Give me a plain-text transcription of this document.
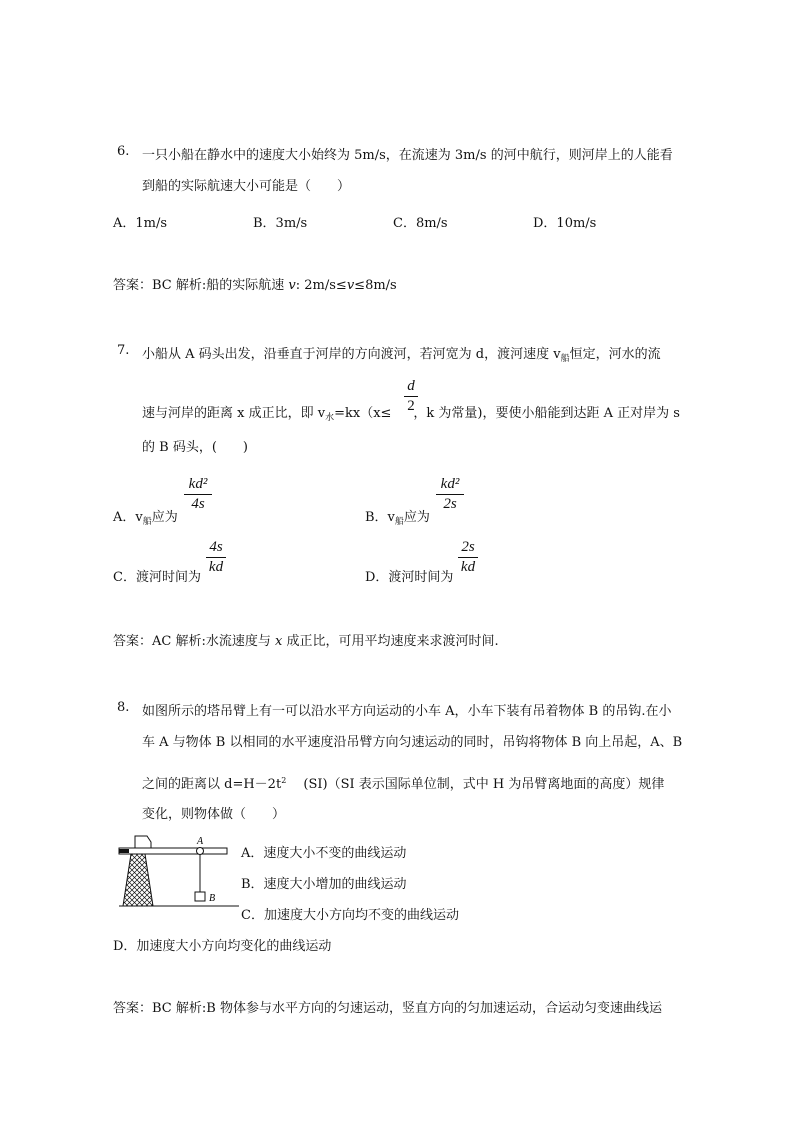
6. 一只小船在静水中的速度大小始终为 5m/s，在流速为 3m/s 的河中航行，则河岸上的人能看
到船的实际航速大小可能是（　　）
A．1m/s	B．3m/s	C．8m/s	D．10m/s
答案：BC 解析:船的实际航速 v: 2m/s≤v≤8m/s
7. 小船从 A 码头出发，沿垂直于河岸的方向渡河，若河宽为 d，渡河速度 $v_船$恒定，河水的流
速与河岸的距离 x 成正比，即 $v_水=kx(x\le$ ，k 为常量)，要使小船能到达距 A 正对岸为 s
d
2
的 B 码头，(　　)
A．$v_船$应为
kd²
4s
B．$v_船$应为
kd²
2s
C．渡河时间为
4s
kd
D．渡河时间为
2s
kd
答案：AC 解析:水流速度与 x 成正比，可用平均速度来求渡河时间.
8. 如图所示的塔吊臂上有一可以沿水平方向运动的小车 A，小车下装有吊着物体 B 的吊钩.在小
车 A 与物体 B 以相同的水平速度沿吊臂方向匀速运动的同时，吊钩将物体 B 向上吊起，A、B
之间的距离以 $d=H-2t^2$　 (SI)（SI 表示国际单位制，式中 H 为吊臂离地面的高度）规律
变化，则物体做（　　）
A
B
A．速度大小不变的曲线运动
B．速度大小增加的曲线运动
C．加速度大小方向均不变的曲线运动
D．加速度大小方向均变化的曲线运动
答案：BC 解析:B 物体参与水平方向的匀速运动，竖直方向的匀加速运动，合运动匀变速曲线运
